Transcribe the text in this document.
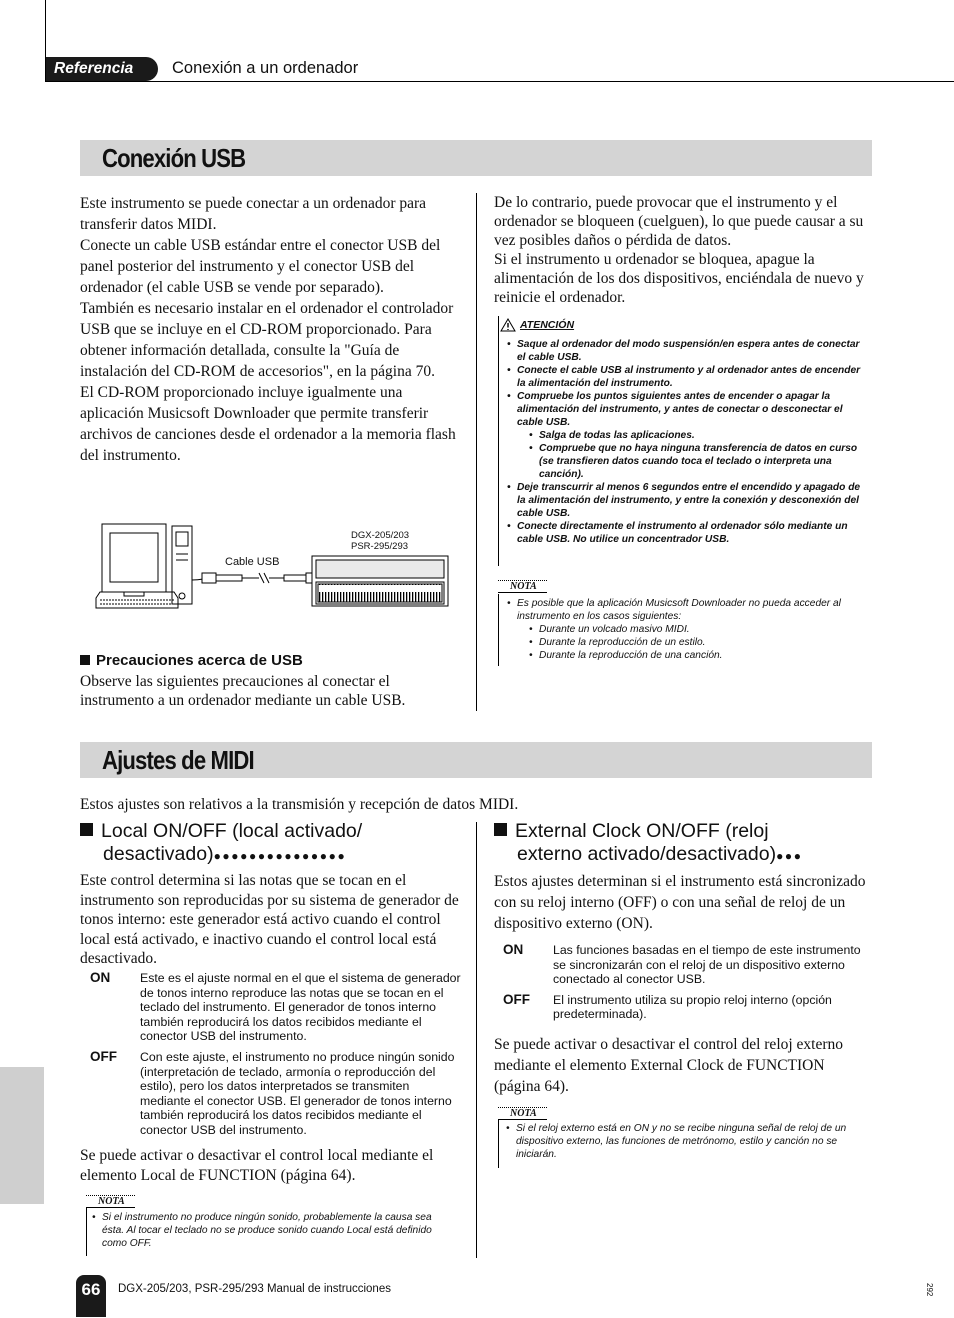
Referencia	Conexión a un ordenador
Conexión USB

Este instrumento se puede conectar a un ordenador para transferir datos MIDI.

Conecte un cable USB estándar entre el conector USB del panel posterior del instrumento y el conector USB del ordenador (el cable USB se vende por separado).

También es necesario instalar en el ordenador el controlador USB que se incluye en el CD-ROM proporcionado. Para obtener información detallada, consulte la "Guía de instalación del CD-ROM de accesorios", en la página 70.

El CD-ROM proporcionado incluye igualmente una aplicación Musicsoft Downloader que permite transferir archivos de canciones desde el ordenador a la memoria flash del instrumento.

Cable USB
DGX-205/203
PSR-295/293
Precauciones acerca de USB
Observe las siguientes precauciones al conectar el instrumento a un ordenador mediante un cable USB.

De lo contrario, puede provocar que el instrumento y el ordenador se bloqueen (cuelguen), lo que puede causar a su vez posibles daños o pérdida de datos.

Si el instrumento u ordenador se bloquea, apague la alimentación de los dos dispositivos, enciéndala de nuevo y reinicie el ordenador.

ATENCIÓN
• Saque al ordenador del modo suspensión/en espera antes de conectar el cable USB.
• Conecte el cable USB al instrumento y al ordenador antes de encender la alimentación del instrumento.
• Compruebe los puntos siguientes antes de encender o apagar la alimentación del instrumento, y antes de conectar o desconectar el cable USB.
• Salga de todas las aplicaciones.
• Compruebe que no haya ninguna transferencia de datos en curso (se transfieren datos cuando toca el teclado o interpreta una canción).
• Deje transcurrir al menos 6 segundos entre el encendido y apagado de la alimentación del instrumento, y entre la conexión y desconexión del cable USB.
• Conecte directamente el instrumento al ordenador sólo mediante un cable USB. No utilice un concentrador USB.
NOTA
• Es posible que la aplicación Musicsoft Downloader no pueda acceder al instrumento en los casos siguientes:
• Durante un volcado masivo MIDI.
• Durante la reproducción de un estilo.
• Durante la reproducción de una canción.
Ajustes de MIDI
Estos ajustes son relativos a la transmisión y recepción de datos MIDI.
Local ON/OFF (local activado/
desactivado)●●●●●●●●●●●●●●●
Este control determina si las notas que se tocan en el instrumento son reproducidas por su sistema de generador de tonos interno: este generador está activo cuando el control local está activado, e inactivo cuando el control local está desactivado.
ON	Este es el ajuste normal en el que el sistema de generador de tonos interno reproduce las notas que se tocan en el teclado del instrumento. El generador de tonos interno también reproducirá los datos recibidos mediante el conector USB del instrumento.
OFF	Con este ajuste, el instrumento no produce ningún sonido (interpretación de teclado, armonía o reproducción del estilo), pero los datos interpretados se transmiten mediante el conector USB. El generador de tonos interno también reproducirá los datos recibidos mediante el conector USB del instrumento.
Se puede activar o desactivar el control local mediante el elemento Local de FUNCTION (página 64).
NOTA
• Si el instrumento no produce ningún sonido, probablemente la causa sea ésta. Al tocar el teclado no se produce sonido cuando Local está definido como OFF.
External Clock ON/OFF (reloj
externo activado/desactivado)●●●
Estos ajustes determinan si el instrumento está sincronizado con su reloj interno (OFF) o con una señal de reloj de un dispositivo externo (ON).
ON	Las funciones basadas en el tiempo de este instrumento se sincronizarán con el reloj de un dispositivo externo conectado al conector USB.
OFF	El instrumento utiliza su propio reloj interno (opción predeterminada).
Se puede activar o desactivar el control del reloj externo mediante el elemento External Clock de FUNCTION (página 64).
NOTA
• Si el reloj externo está en ON y no se recibe ninguna señal de reloj de un dispositivo externo, las funciones de metrónomo, estilo y canción no se iniciarán.
66	DGX-205/203, PSR-295/293 Manual de instrucciones	292
